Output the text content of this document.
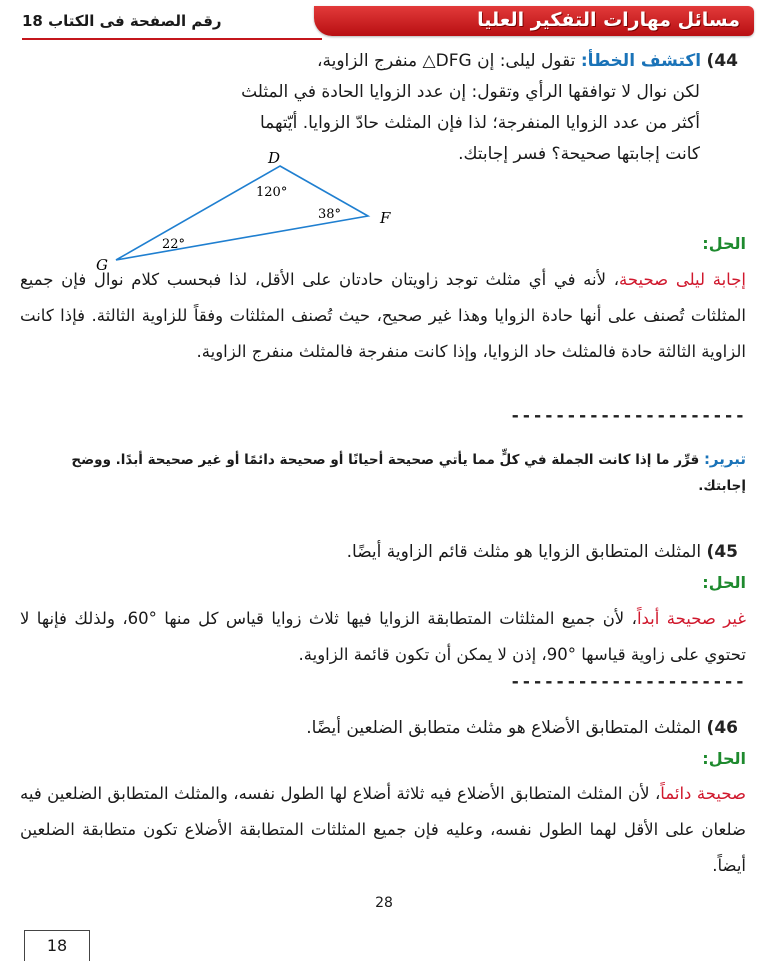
مسائل مهارات التفكير العليا
رقم الصفحة فى الكتاب 18
44) اكتشف الخطأ: تقول ليلى: إن DFG△ منفرج الزاوية،
لكن نوال لا توافقها الرأي وتقول: إن عدد الزوايا الحادة في المثلث
أكثر من عدد الزوايا المنفرجة؛ لذا فإن المثلث حادّ الزوايا. أيّتهما
كانت إجابتها صحيحة؟ فسر إجابتك.
D
F
G
120°
38°
22°	الحل:
إجابة ليلى صحيحة، لأنه في أي مثلث توجد زاويتان حادتان على الأقل، لذا فبحسب كلام نوال فإن جميع المثلثات تُصنف على أنها حادة الزوايا وهذا غير صحيح، حيث تُصنف المثلثات وفقاً للزاوية الثالثة. فإذا كانت الزاوية الثالثة حادة فالمثلث حاد الزوايا، وإذا كانت منفرجة فالمثلث منفرج الزاوية.
---------------------
تبرير: قرِّر ما إذا كانت الجملة في كلٍّ مما يأتي صحيحة أحيانًا أو صحيحة دائمًا أو غير صحيحة أبدًا. ووضح إجابتك.
45) المثلث المتطابق الزوايا هو مثلث قائم الزاوية أيضًا.
الحل:
غير صحيحة أبداً، لأن جميع المثلثات المتطابقة الزوايا فيها ثلاث زوايا قياس كل منها °60، ولذلك فإنها لا تحتوي على زاوية قياسها °90، إذن لا يمكن أن تكون قائمة الزاوية.
---------------------
46) المثلث المتطابق الأضلاع هو مثلث متطابق الضلعين أيضًا.
الحل:
صحيحة دائماً، لأن المثلث المتطابق الأضلاع فيه ثلاثة أضلاع لها الطول نفسه، والمثلث المتطابق الضلعين فيه ضلعان على الأقل لهما الطول نفسه، وعليه فإن جميع المثلثات المتطابقة الأضلاع تكون متطابقة الضلعين أيضاً.
28
18
